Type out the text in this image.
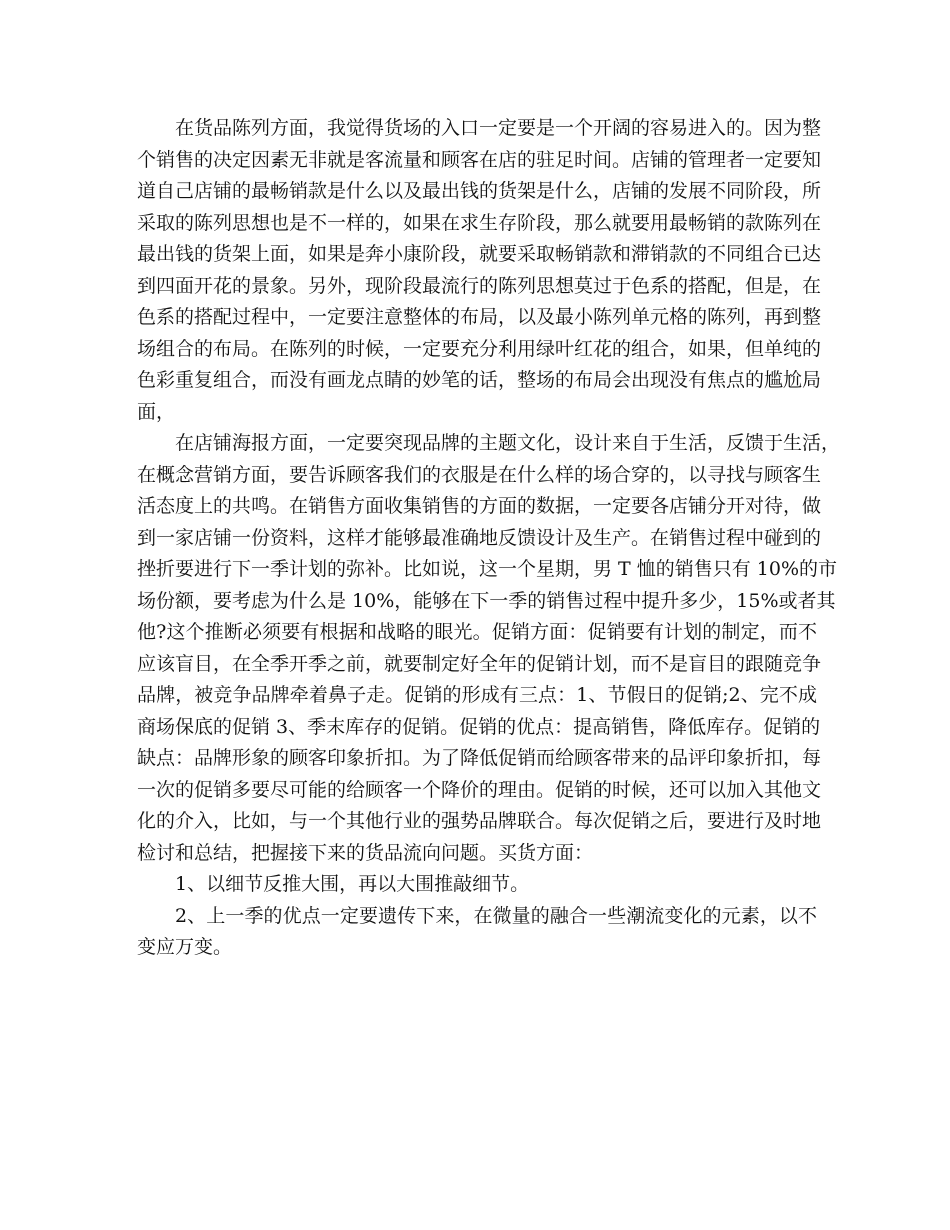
在货品陈列方面，我觉得货场的入口一定要是一个开阔的容易进入的。因为整
个销售的决定因素无非就是客流量和顾客在店的驻足时间。店铺的管理者一定要知
道自己店铺的最畅销款是什么以及最出钱的货架是什么，店铺的发展不同阶段，所
采取的陈列思想也是不一样的，如果在求生存阶段，那么就要用最畅销的款陈列在
最出钱的货架上面，如果是奔小康阶段，就要采取畅销款和滞销款的不同组合已达
到四面开花的景象。另外，现阶段最流行的陈列思想莫过于色系的搭配，但是，在
色系的搭配过程中，一定要注意整体的布局，以及最小陈列单元格的陈列，再到整
场组合的布局。在陈列的时候，一定要充分利用绿叶红花的组合，如果，但单纯的
色彩重复组合，而没有画龙点睛的妙笔的话，整场的布局会出现没有焦点的尴尬局
面，
在店铺海报方面，一定要突现品牌的主题文化，设计来自于生活，反馈于生活，
在概念营销方面，要告诉顾客我们的衣服是在什么样的场合穿的，以寻找与顾客生
活态度上的共鸣。在销售方面收集销售的方面的数据，一定要各店铺分开对待，做
到一家店铺一份资料，这样才能够最准确地反馈设计及生产。在销售过程中碰到的
挫折要进行下一季计划的弥补。比如说，这一个星期，男 T 恤的销售只有 10%的市
场份额，要考虑为什么是 10%，能够在下一季的销售过程中提升多少，15%或者其
他?这个推断必须要有根据和战略的眼光。促销方面：促销要有计划的制定，而不
应该盲目，在全季开季之前，就要制定好全年的促销计划，而不是盲目的跟随竞争
品牌，被竞争品牌牵着鼻子走。促销的形成有三点：1、节假日的促销;2、完不成
商场保底的促销 3、季末库存的促销。促销的优点：提高销售，降低库存。促销的
缺点：品牌形象的顾客印象折扣。为了降低促销而给顾客带来的品评印象折扣，每
一次的促销多要尽可能的给顾客一个降价的理由。促销的时候，还可以加入其他文
化的介入，比如，与一个其他行业的强势品牌联合。每次促销之后，要进行及时地
检讨和总结，把握接下来的货品流向问题。买货方面：
1、以细节反推大围，再以大围推敲细节。
2、上一季的优点一定要遗传下来，在微量的融合一些潮流变化的元素，以不
变应万变。
